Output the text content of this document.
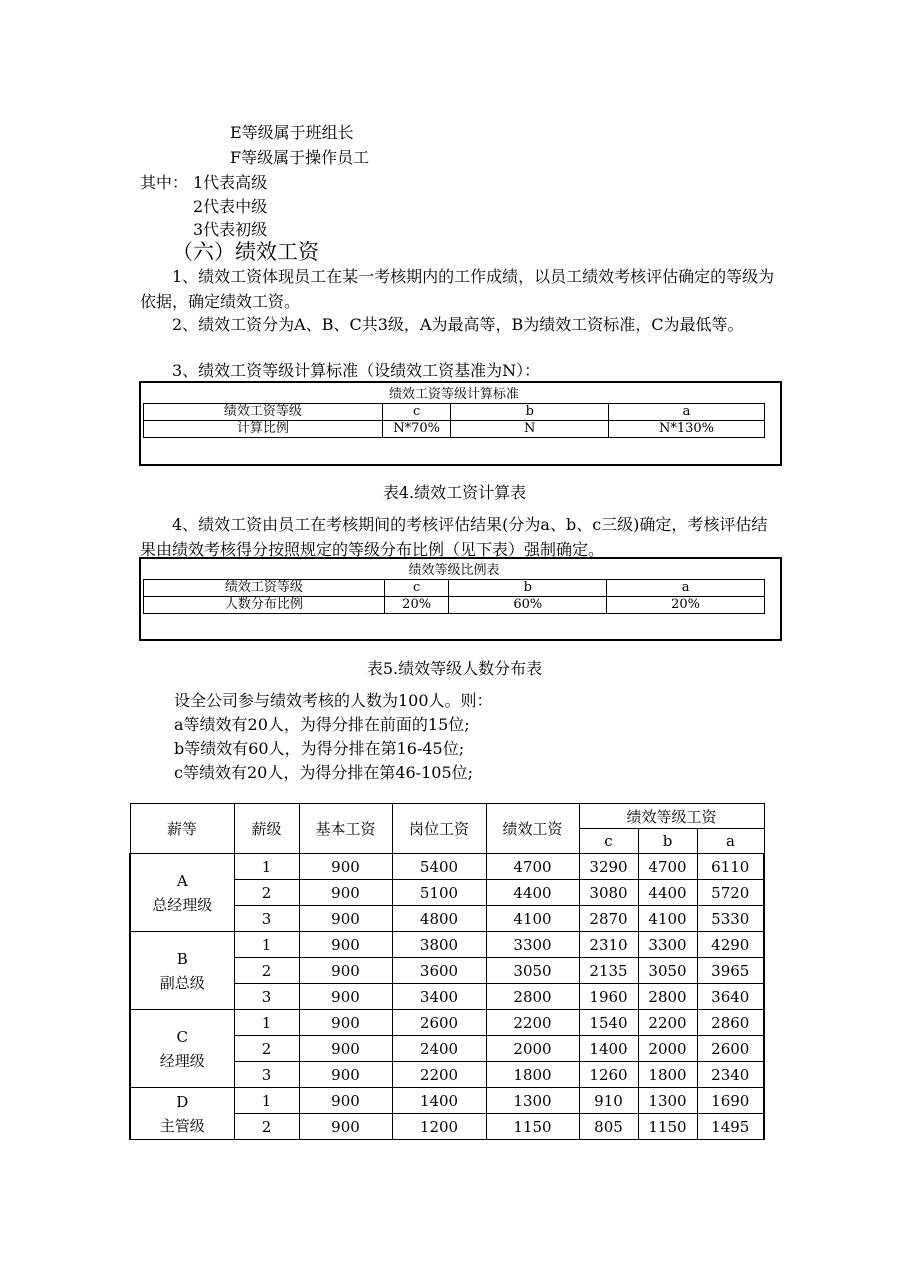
E等级属于班组长
F等级属于操作员工
其中： 1代表高级
2代表中级
3代表初级
（六）绩效工资
1、绩效工资体现员工在某一考核期内的工作成绩，以员工绩效考核评估确定的等级为依据，确定绩效工资。
2、绩效工资分为A、B、C共3级，A为最高等，B为绩效工资标准，C为最低等。
3、绩效工资等级计算标准（设绩效工资基准为N）：
绩效工资等级计算标准			
绩效工资等级	c	b	a
计算比例	N*70%	N	N*130%
表4.绩效工资计算表
4、绩效工资由员工在考核期间的考核评估结果(分为a、b、c三级)确定，考核评估结果由绩效考核得分按照规定的等级分布比例（见下表）强制确定。
绩效等级比例表			
绩效工资等级	c	b	a
人数分布比例	20%	60%	20%
表5.绩效等级人数分布表
设全公司参与绩效考核的人数为100人。则：
a等绩效有20人，为得分排在前面的15位;
b等绩效有60人，为得分排在第16-45位;
c等绩效有20人，为得分排在第46-105位;
薪等	薪级	基本工资	岗位工资	绩效工资	绩效等级工资		
					c	b	a

A
总经理级	1	900	5400	4700	3290	4700	6110
	2	900	5100	4400	3080	4400	5720
	3	900	4800	4100	2870	4100	5330

B
副总级	1	900	3800	3300	2310	3300	4290
	2	900	3600	3050	2135	3050	3965
	3	900	3400	2800	1960	2800	3640

C
经理级	1	900	2600	2200	1540	2200	2860
	2	900	2400	2000	1400	2000	2600
	3	900	2200	1800	1260	1800	2340

D
主管级	1	900	1400	1300	910	1300	1690
	2	900	1200	1150	805	1150	1495
